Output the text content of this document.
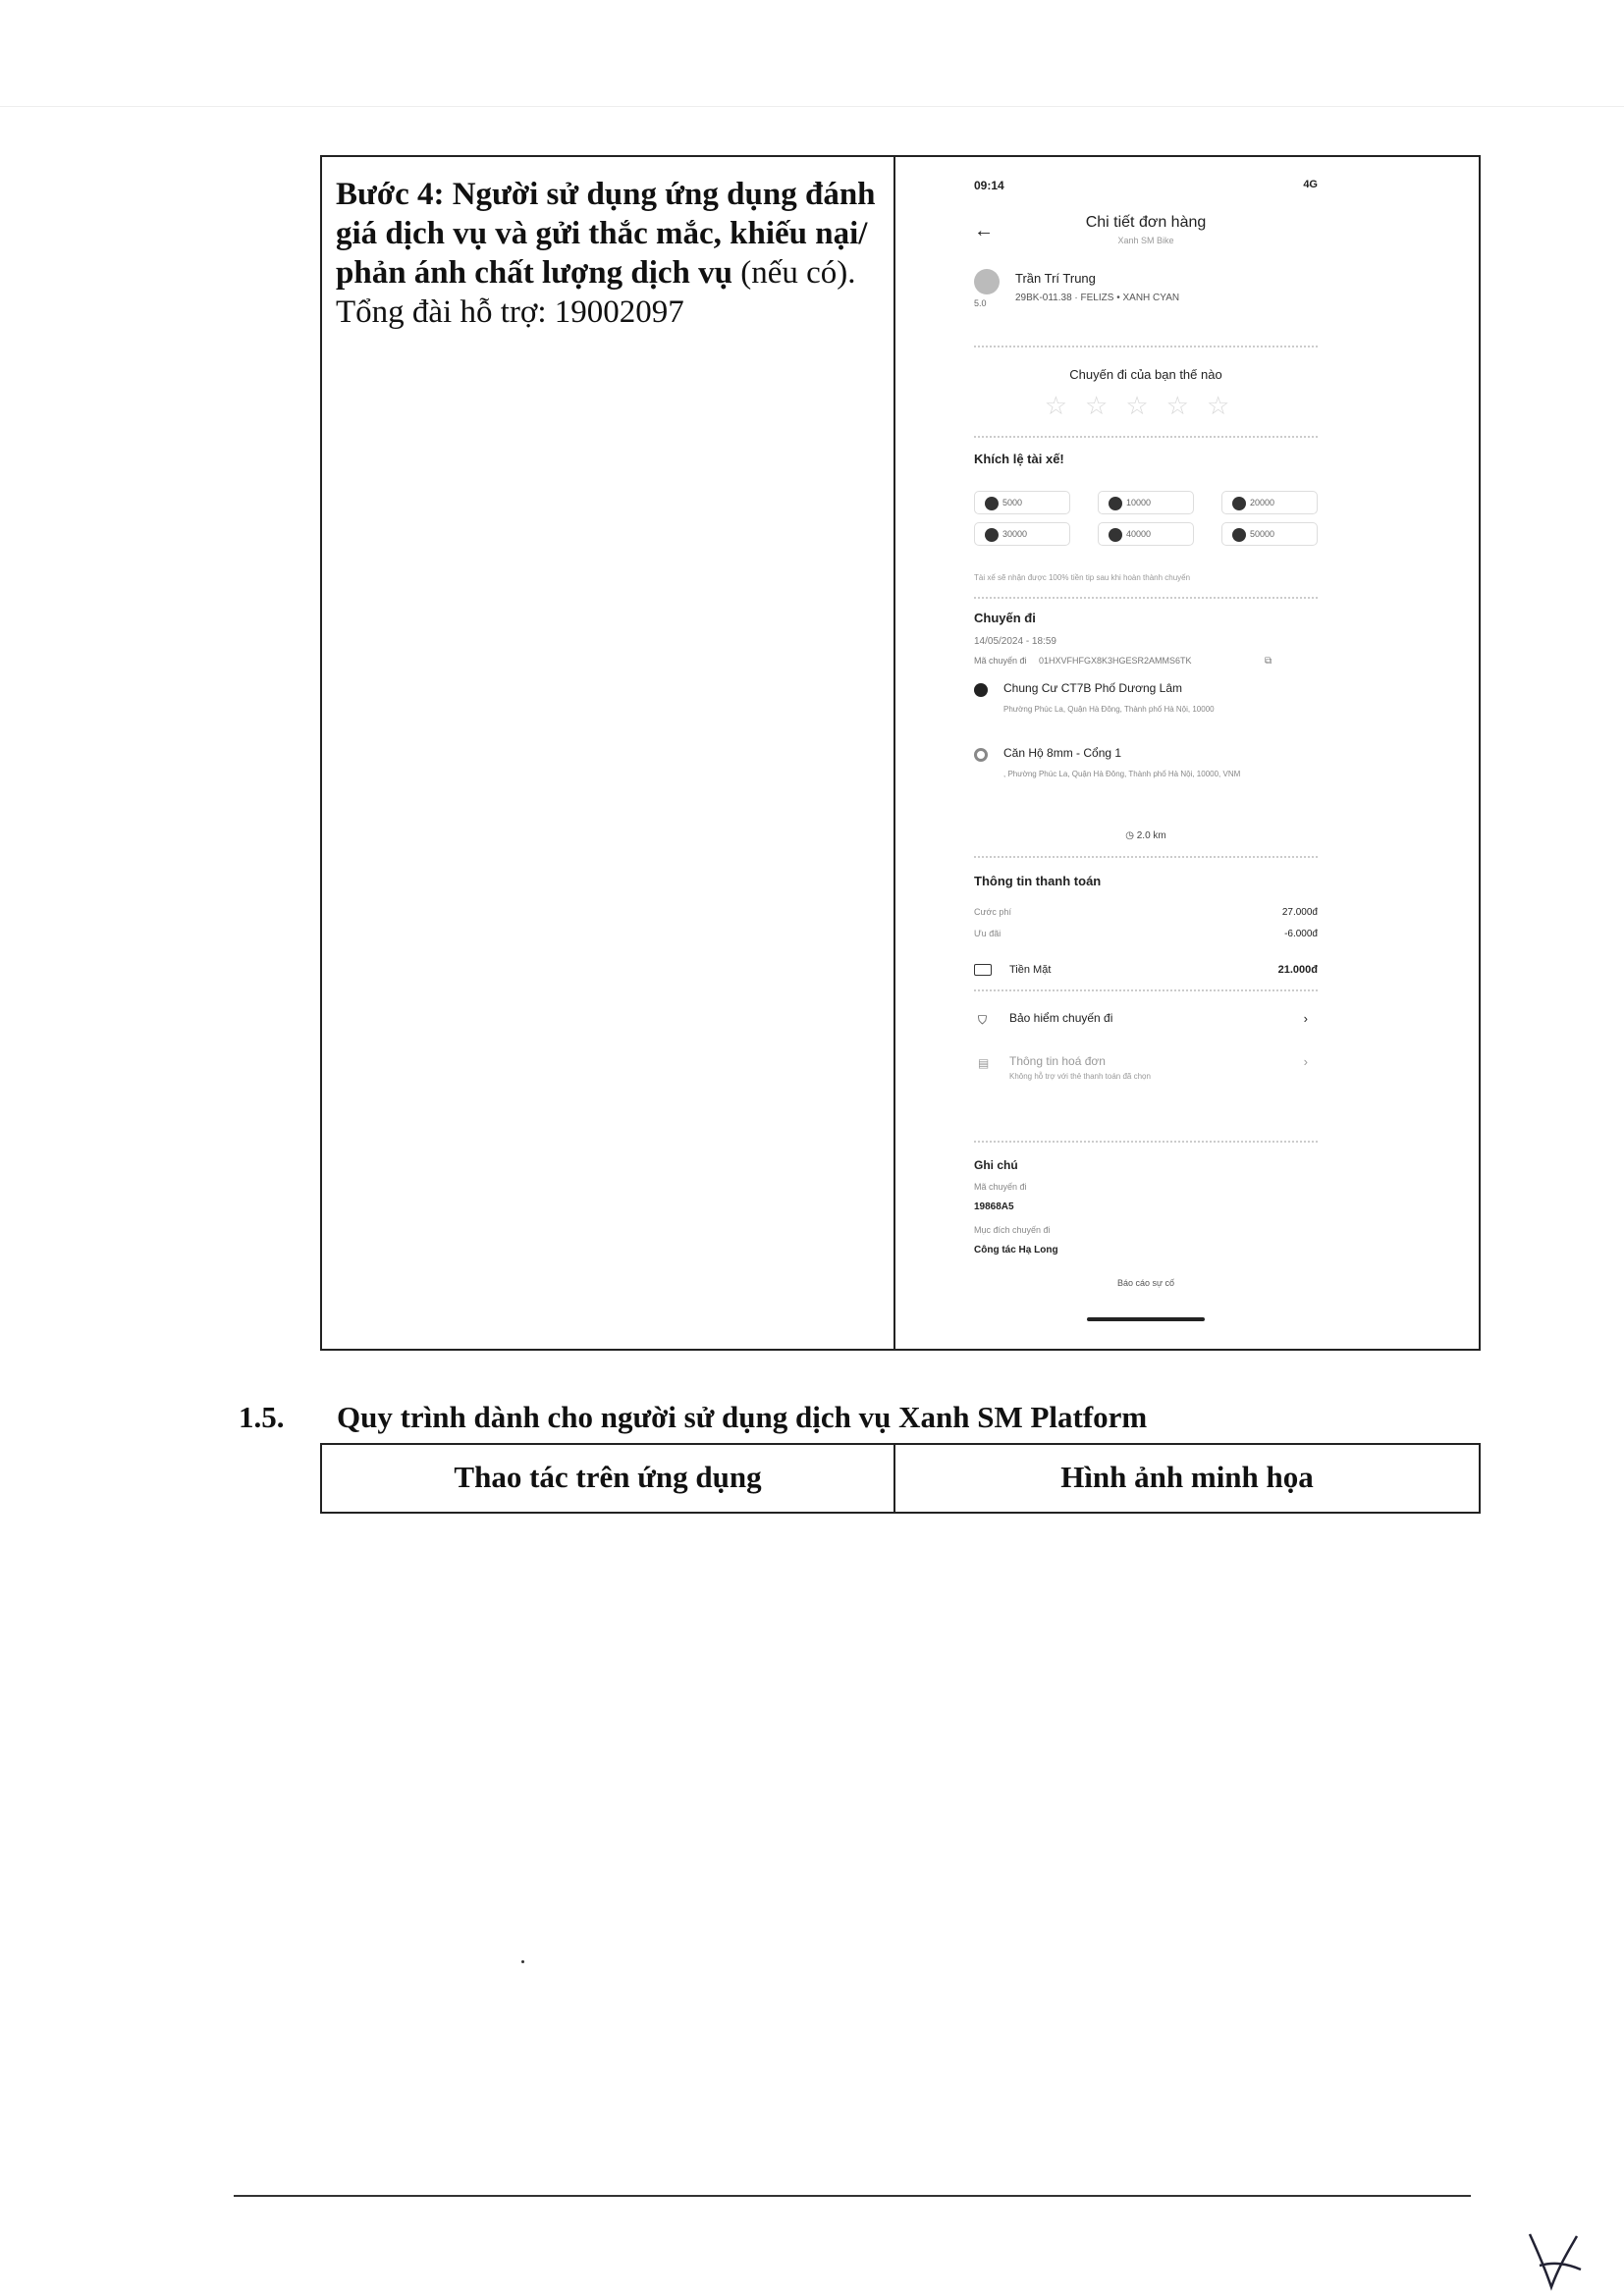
Bước 4: Người sử dụng ứng dụng đánh giá dịch vụ và gửi thắc mắc, khiếu nại/ phản ánh chất lượng dịch vụ (nếu có).
Tổng đài hỗ trợ: 19002097
09:14	4G
←	Chi tiết đơn hàng
Xanh SM Bike
5.0
Trần Trí Trung
29BK-011.38 · FELIZS • XANH CYAN
Chuyến đi của bạn thế nào
☆☆☆☆☆
Khích lệ tài xế!
5000	10000	20000
30000	40000	50000
Tài xế sẽ nhận được 100% tiền tip sau khi hoàn thành chuyến
Chuyến đi
14/05/2024 - 18:59
Mã chuyến đi 01HXVFHFGX8K3HGESR2AMMS6TK	⧉
Chung Cư CT7B Phố Dương Lâm
Phường Phúc La, Quận Hà Đông, Thành phố Hà Nội, 10000
Căn Hộ 8mm - Cổng 1
, Phường Phúc La, Quận Hà Đông, Thành phố Hà Nội, 10000, VNM
◷ 2.0 km
Thông tin thanh toán
Cước phí	27.000đ
Ưu đãi	-6.000đ
Tiền Mặt	21.000đ
⛉ Bảo hiểm chuyến đi	›
▤ Thông tin hoá đơn
Không hỗ trợ với thẻ thanh toán đã chọn
›
Ghi chú
Mã chuyến đi
19868A5
Mục đích chuyến đi
Công tác Hạ Long
Báo cáo sự cố
1.5. Quy trình dành cho người sử dụng dịch vụ Xanh SM Platform
Thao tác trên ứng dụng	Hình ảnh minh họa
